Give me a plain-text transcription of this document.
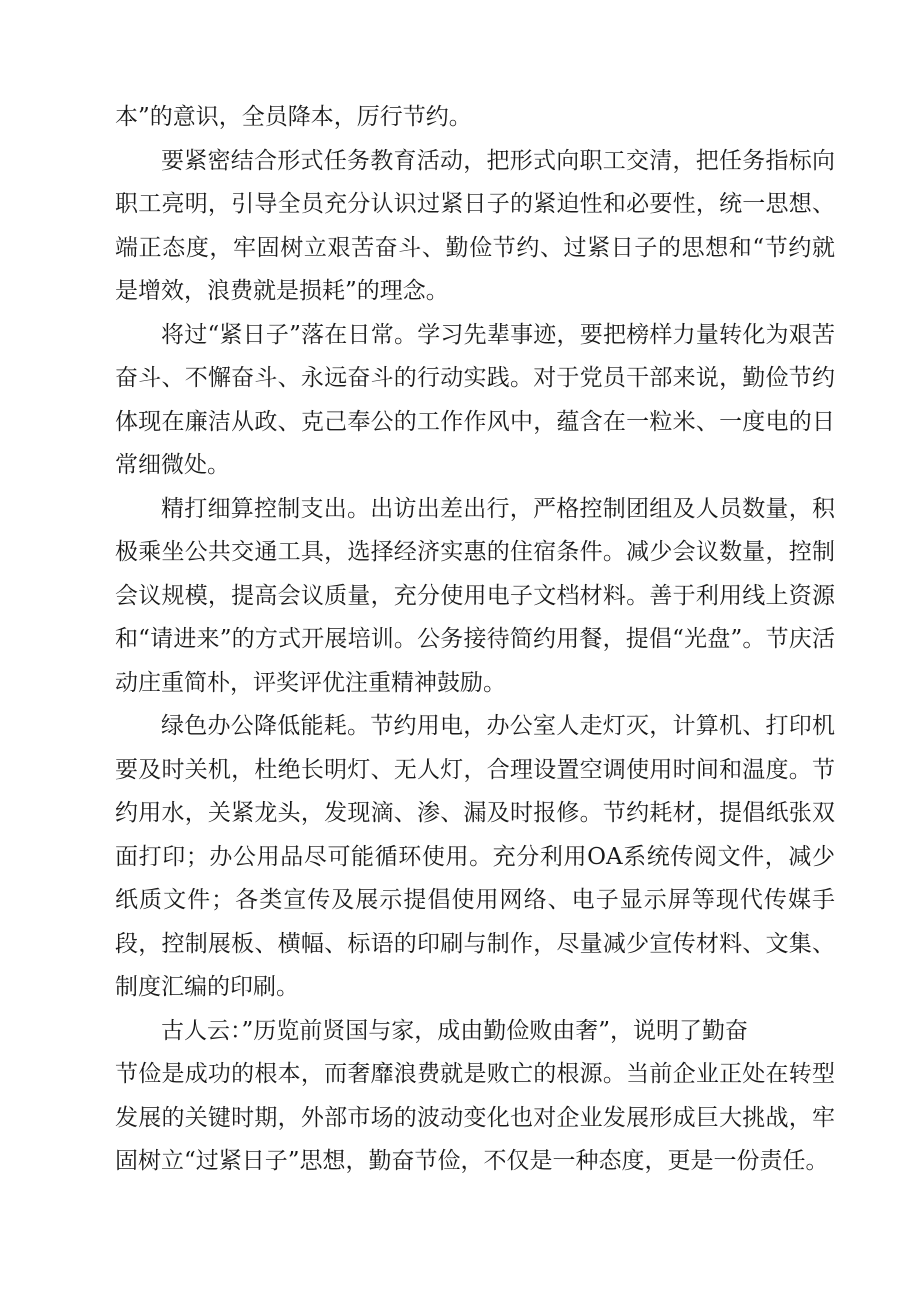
本”的意识，全员降本，厉行节约。

要紧密结合形式任务教育活动，把形式向职工交清，把任务指标向职工亮明，引导全员充分认识过紧日子的紧迫性和必要性，统一思想、端正态度，牢固树立艰苦奋斗、勤俭节约、过紧日子的思想和“节约就是增效，浪费就是损耗”的理念。

将过“紧日子”落在日常。学习先辈事迹，要把榜样力量转化为艰苦奋斗、不懈奋斗、永远奋斗的行动实践。对于党员干部来说，勤俭节约体现在廉洁从政、克己奉公的工作作风中，蕴含在一粒米、一度电的日常细微处。

精打细算控制支出。出访出差出行，严格控制团组及人员数量，积极乘坐公共交通工具，选择经济实惠的住宿条件。减少会议数量，控制会议规模，提高会议质量，充分使用电子文档材料。善于利用线上资源和“请进来”的方式开展培训。公务接待简约用餐，提倡“光盘”。节庆活动庄重简朴，评奖评优注重精神鼓励。

绿色办公降低能耗。节约用电，办公室人走灯灭，计算机、打印机要及时关机，杜绝长明灯、无人灯，合理设置空调使用时间和温度。节约用水，关紧龙头，发现滴、渗、漏及时报修。节约耗材，提倡纸张双面打印；办公用品尽可能循环使用。充分利用OA系统传阅文件，减少纸质文件；各类宣传及展示提倡使用网络、电子显示屏等现代传媒手段，控制展板、横幅、标语的印刷与制作，尽量减少宣传材料、文集、制度汇编的印刷。

古人云：”历览前贤国与家，成由勤俭败由奢”，说明了勤奋
节俭是成功的根本，而奢靡浪费就是败亡的根源。当前企业正处在转型发展的关键时期，外部市场的波动变化也对企业发展形成巨大挑战，牢固树立“过紧日子”思想，勤奋节俭，不仅是一种态度，更是一份责任。
